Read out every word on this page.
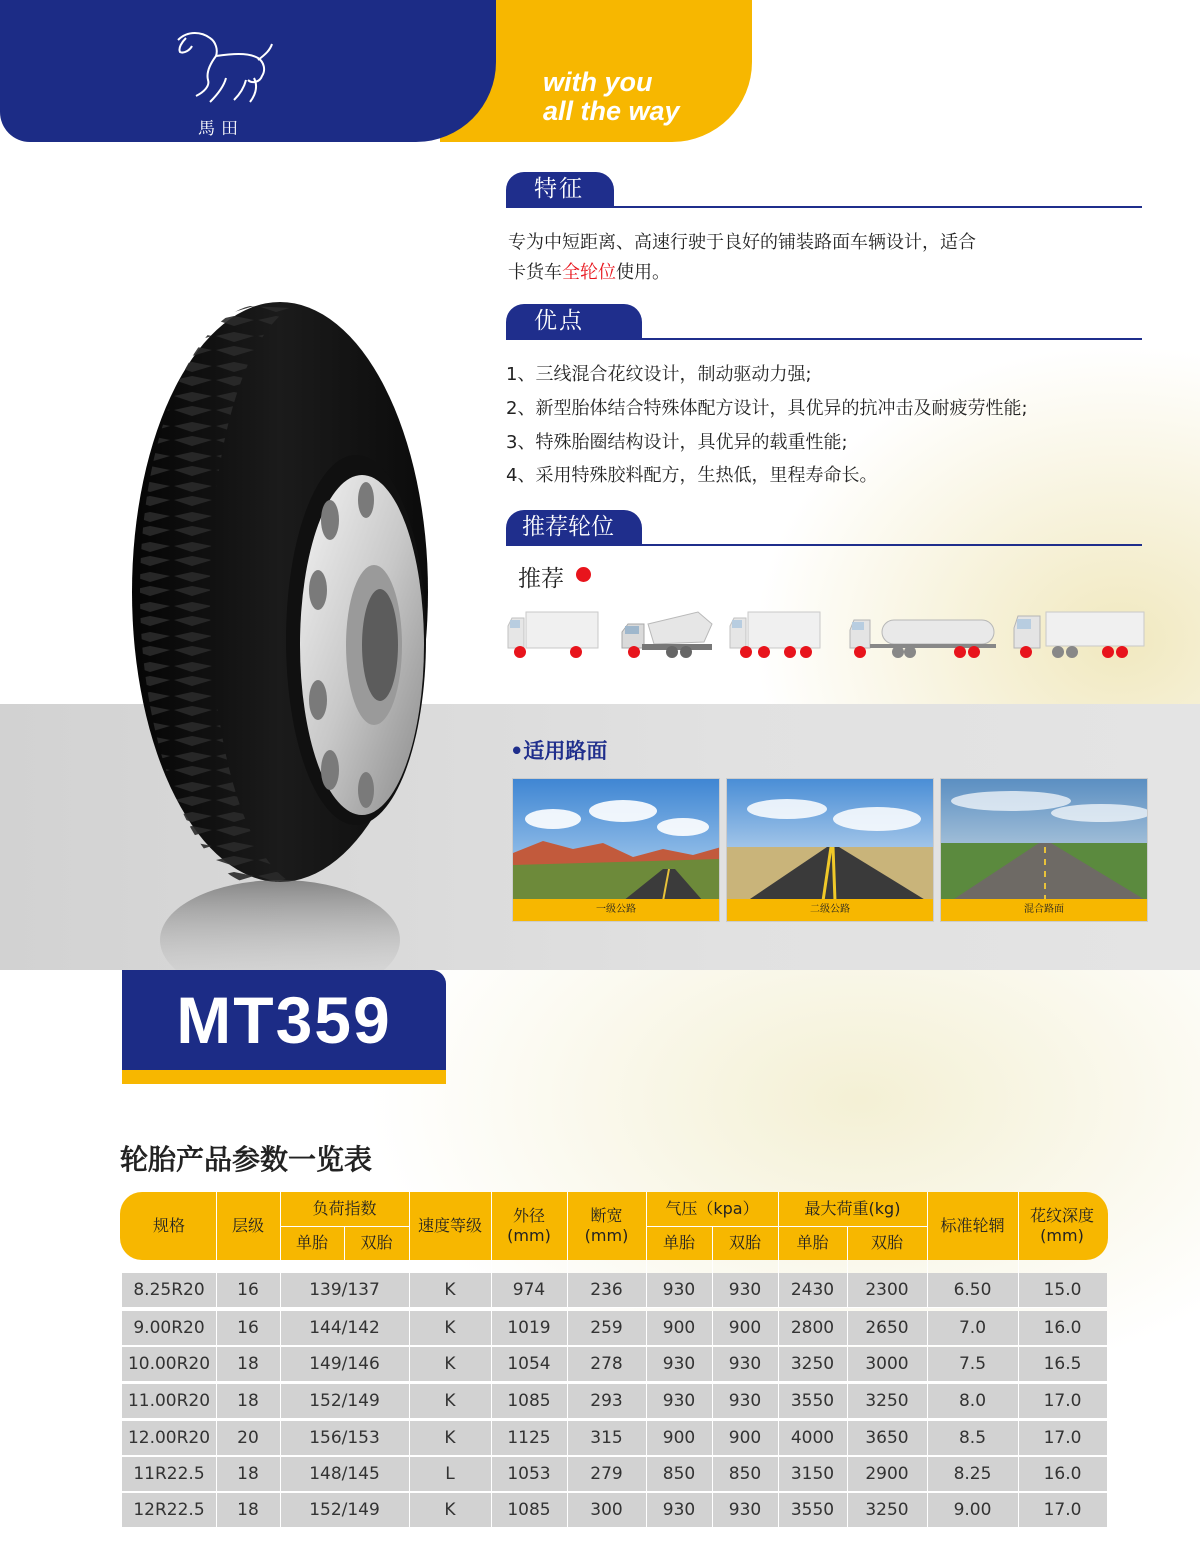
馬田
with you
all the way
特征
专为中短距离、高速行驶于良好的铺装路面车辆设计，适合
卡货车全轮位使用。
优点
1、三线混合花纹设计，制动驱动力强;
2、新型胎体结合特殊体配方设计，具优异的抗冲击及耐疲劳性能;
3、特殊胎圈结构设计，具优异的载重性能;
4、采用特殊胶料配方，生热低，里程寿命长。
推荐轮位
推荐
•适用路面
一级公路	二级公路	混合路面
MT359
轮胎产品参数一览表
规格	层级
负荷指数
单胎	双胎
速度等级
外径
(mm)
断宽
(mm)
气压（kpa）
单胎	双胎
最大荷重(kg)
单胎	双胎
标准轮辋
花纹深度
(mm)
8.25R20	16	139/137	K	974	236	930	930	2430	2300	6.50	15.0
9.00R20	16	144/142	K	1019	259	900	900	2800	2650	7.0	16.0
10.00R20	18	149/146	K	1054	278	930	930	3250	3000	7.5	16.5
11.00R20	18	152/149	K	1085	293	930	930	3550	3250	8.0	17.0
12.00R20	20	156/153	K	1125	315	900	900	4000	3650	8.5	17.0
11R22.5	18	148/145	L	1053	279	850	850	3150	2900	8.25	16.0
12R22.5	18	152/149	K	1085	300	930	930	3550	3250	9.00	17.0
